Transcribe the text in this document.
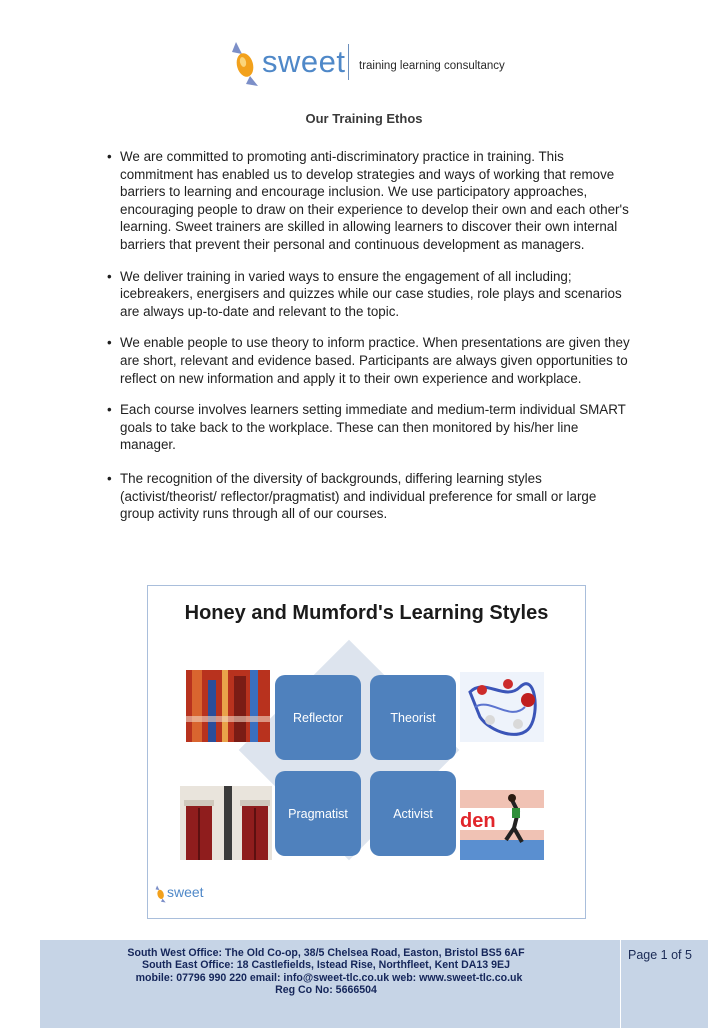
sweet training learning consultancy
Our Training Ethos
• We are committed to promoting anti-discriminatory practice in training. This commitment has enabled us to develop strategies and ways of working that remove barriers to learning and encourage inclusion. We use participatory approaches, encouraging people to draw on their experience to develop their own and each other's learning. Sweet trainers are skilled in allowing learners to discover their own internal barriers that prevent their personal and continuous development as managers.
• We deliver training in varied ways to ensure the engagement of all including; icebreakers, energisers and quizzes while our case studies, role plays and scenarios are always up-to-date and relevant to the topic.
• We enable people to use theory to inform practice. When presentations are given they are short, relevant and evidence based. Participants are always given opportunities to reflect on new information and apply it to their own experience and workplace.
• Each course involves learners setting immediate and medium-term individual SMART goals to take back to the workplace. These can then monitored by his/her line manager.
• The recognition of the diversity of backgrounds, differing learning styles (activist/theorist/ reflector/pragmatist) and individual preference for small or large group activity runs through all of our courses.
Honey and Mumford's Learning Styles
Reflector	Theorist
Pragmatist	Activist den
sweet
South West Office: The Old Co-op, 38/5 Chelsea Road, Easton, Bristol BS5 6AF
South East Office: 18 Castlefields, Istead Rise, Northfleet, Kent DA13 9EJ
mobile: 07796 990 220 email: info@sweet-tlc.co.uk web: www.sweet-tlc.co.uk
Reg Co No: 5666504
Page 1 of 5
